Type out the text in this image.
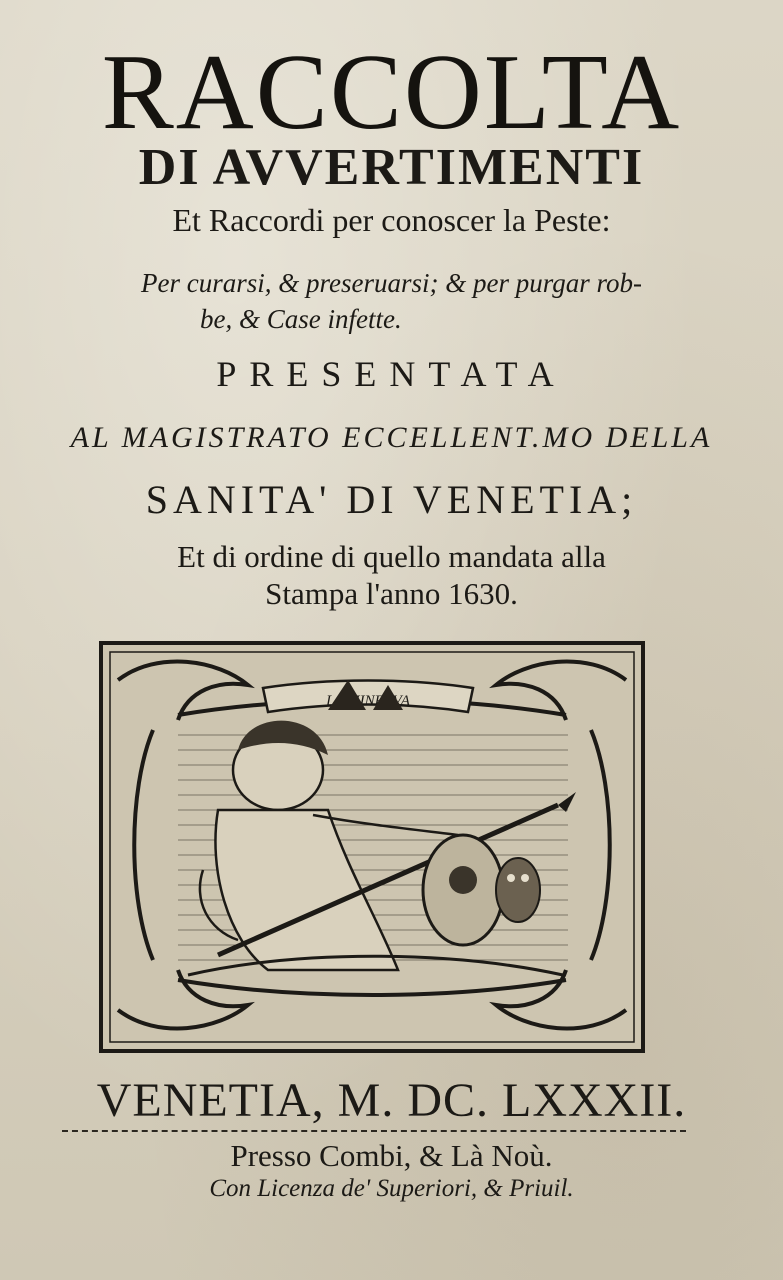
RACCOLTA
DI AVVERTIMENTI
Et Raccordi per conoscer la Peste:
Per curarsi, & preseruarsi; & per purgar rob-
be, & Case infette.
PRESENTATA
AL MAGISTRATO ECCELLENT.MO DELLA
SANITA' DI VENETIA;
Et di ordine di quello mandata alla
Stampa l'anno 1630.
LA MINERVA
VENETIA, M. DC. LXXXII.
Presso Combi, & Là Noù.
Con Licenza de' Superiori, & Priuil.
